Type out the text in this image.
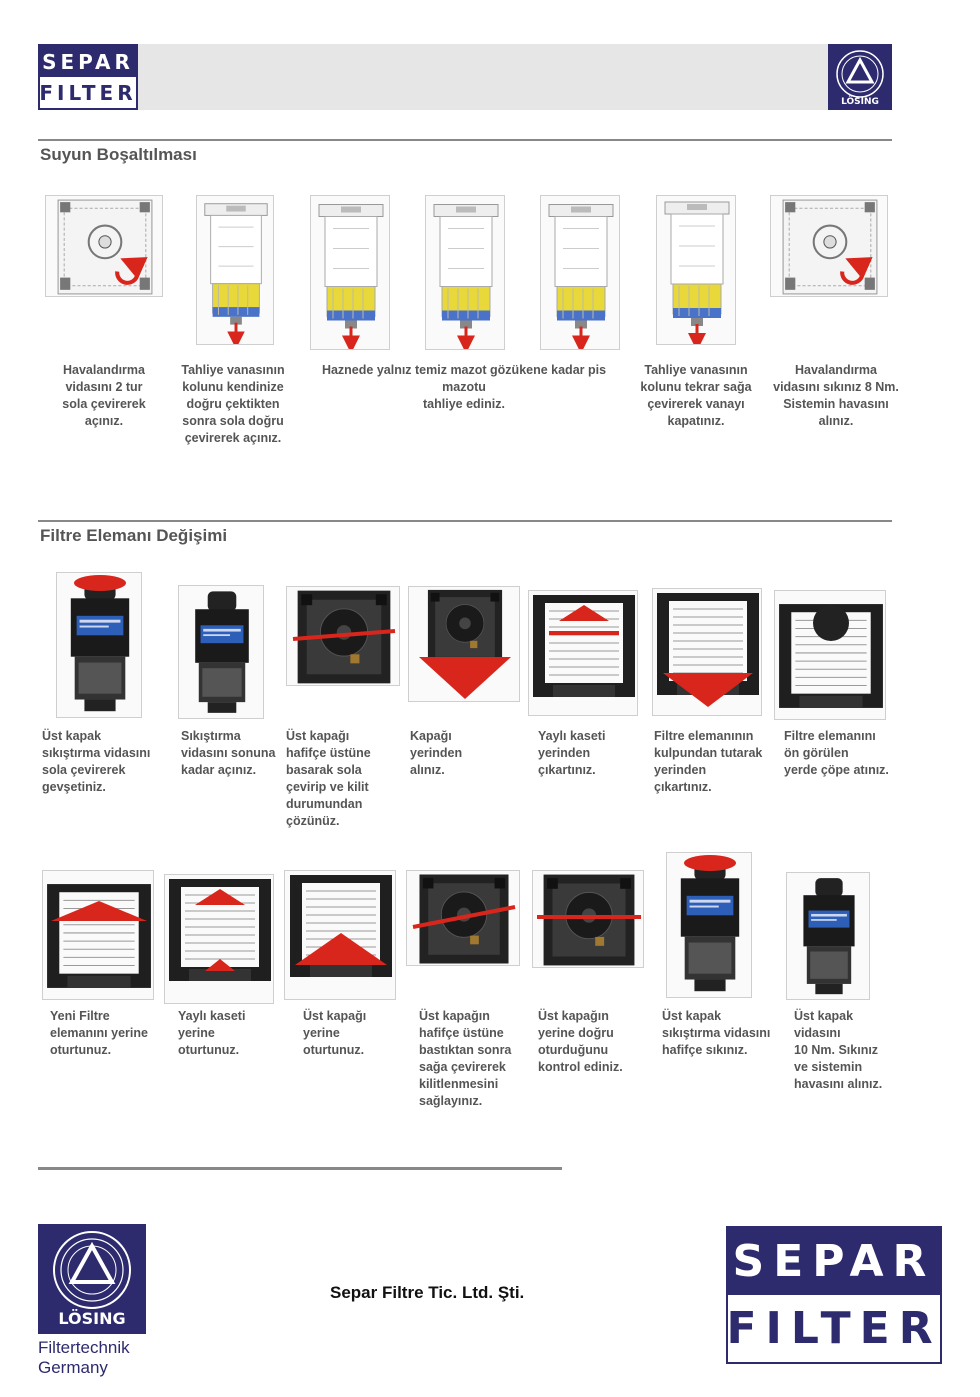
SEPAR
FILTER	LÖSING
Suyun Boşaltılması
Havalandırma
vidasını 2 tur
sola çevirerek
açınız.
Tahliye vanasının
kolunu kendinize
doğru çektikten
sonra sola doğru
çevirerek açınız.
Haznede yalnız temiz mazot gözükene kadar pis mazotu
tahliye ediniz.
Tahliye vanasının
kolunu tekrar sağa
çevirerek vanayı
kapatınız.
Havalandırma
vidasını sıkınız 8 Nm.
Sistemin havasını
alınız.
Filtre Elemanı Değişimi
Üst kapak
sıkıştırma vidasını
sola çevirerek
gevşetiniz.
Sıkıştırma
vidasını sonuna
kadar açınız.
Üst kapağı
hafifçe üstüne
basarak sola
çevirip ve kilit
durumundan
çözünüz.
Kapağı
yerinden
alınız.
Yaylı kaseti
yerinden
çıkartınız.
Filtre elemanının
kulpundan tutarak
yerinden
çıkartınız.
Filtre elemanını
ön görülen
yerde çöpe atınız.
Yeni Filtre
elemanını yerine
oturtunuz.
Yaylı kaseti
yerine
oturtunuz.
Üst kapağı
yerine
oturtunuz.
Üst kapağın
hafifçe üstüne
bastıktan sonra
sağa çevirerek
kilitlenmesini
sağlayınız.
Üst kapağın
yerine doğru
oturduğunu
kontrol ediniz.
Üst kapak
sıkıştırma vidasını
hafifçe sıkınız.
Üst kapak
vidasını
10 Nm. Sıkınız
ve sistemin
havasını alınız.
LÖSING
Filtertechnik
Germany
Separ Filtre Tic. Ltd. Şti.
SEPAR
FILTER
